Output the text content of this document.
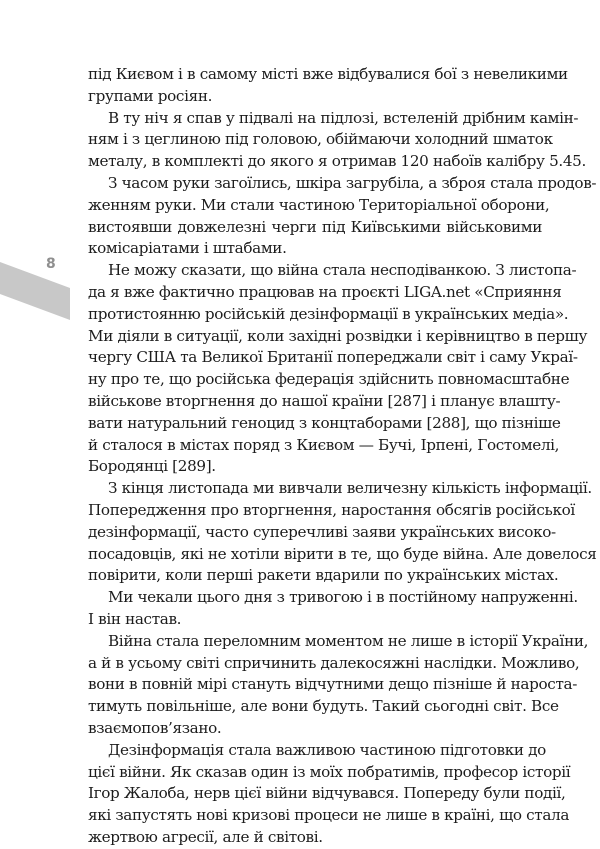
8
під Києвом і в самому місті вже відбувалися бої з невеликими
групами росіян.
В ту ніч я спав у підвалі на підлозі, встеленій дрібним камін-
ням і з цеглиною під головою, обіймаючи холодний шматок
металу, в комплекті до якого я отримав 120 набоїв калібру 5.45.
З часом руки загоїлись, шкіра загрубіла, а зброя стала продов-
женням руки. Ми стали частиною Територіальної оборони,
вистоявши довжелезні черги під Київськими військовими
комісаріатами і штабами.
Не можу сказати, що війна стала несподіванкою. З листопа-
да я вже фактично працював на проєкті LIGA.net «Сприяння
протистоянню російській дезінформації в українських медіа».
Ми діяли в ситуації, коли західні розвідки і керівництво в першу
чергу США та Великої Британії попереджали світ і саму Украї-
ну про те, що російська федерація здійснить повномасштабне
військове вторгнення до нашої країни [287] і планує влашту-
вати натуральний геноцид з концтаборами [288], що пізніше
й сталося в містах поряд з Києвом — Бучі, Ірпені, Гостомелі,
Бородянці [289].
З кінця листопада ми вивчали величезну кількість інформації.
Попередження про вторгнення, наростання обсягів російської
дезінформації, часто суперечливі заяви українських високо-
посадовців, які не хотіли вірити в те, що буде війна. Але довелося
повірити, коли перші ракети вдарили по українських містах.
Ми чекали цього дня з тривогою і в постійному напруженні.
І він настав.
Війна стала переломним моментом не лише в історії України,
а й в усьому світі спричинить далекосяжні наслідки. Можливо,
вони в повній мірі стануть відчутними дещо пізніше й нароста-
тимуть повільніше, але вони будуть. Такий сьогодні світ. Все
взаємопов’язано.
Дезінформація стала важливою частиною підготовки до
цієї війни. Як сказав один із моїх побратимів, професор історії
Ігор Жалоба, нерв цієї війни відчувався. Попереду були події,
які запустять нові кризові процеси не лише в країні, що стала
жертвою агресії, але й світові.
